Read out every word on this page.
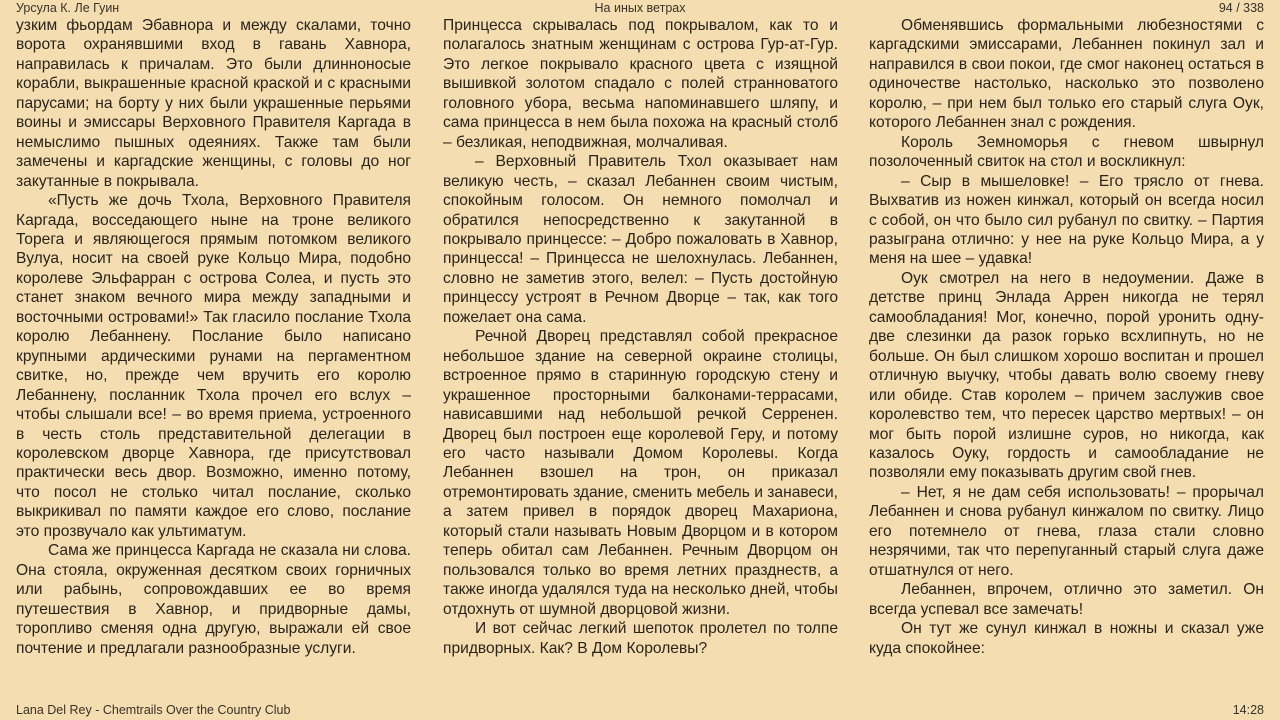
Урсула К. Ле Гуин	На иных ветрах	94 / 338

узким фьордам Эбавнора и между скалами, точно ворота охранявшими вход в гавань Хавнора, направилась к причалам. Это были длинноносые корабли, выкрашенные красной краской и с красными парусами; на борту у них были украшенные перьями воины и эмиссары Верховного Правителя Каргада в немыслимо пышных одеяниях. Также там были замечены и каргадские женщины, с головы до ног закутанные в покрывала.

«Пусть же дочь Тхола, Верховного Правителя Каргада, восседающего ныне на троне великого Торега и являющегося прямым потомком великого Вулуа, носит на своей руке Кольцо Мира, подобно королеве Эльфарран с острова Солеа, и пусть это станет знаком вечного мира между западными и восточными островами!» Так гласило послание Тхола королю Лебаннену. Послание было написано крупными ардическими рунами на пергаментном свитке, но, прежде чем вручить его королю Лебаннену, посланник Тхола прочел его вслух – чтобы слышали все! – во время приема, устроенного в честь столь представительной делегации в королевском дворце Хавнора, где присутствовал практически весь двор. Возможно, именно потому, что посол не столько читал послание, сколько выкрикивал по памяти каждое его слово, послание это прозвучало как ультиматум.

Сама же принцесса Каргада не сказала ни слова. Она стояла, окруженная десятком своих горничных или рабынь, сопровождавших ее во время путешествия в Хавнор, и придворные дамы, торопливо сменяя одна другую, выражали ей свое почтение и предлагали разнообразные услуги.

Принцесса скрывалась под покрывалом, как то и полагалось знатным женщинам с острова Гур-ат-Гур. Это легкое покрывало красного цвета с изящной вышивкой золотом спадало с полей странноватого головного убора, весьма напоминавшего шляпу, и сама принцесса в нем была похожа на красный столб – безликая, неподвижная, молчаливая.

– Верховный Правитель Тхол оказывает нам великую честь, – сказал Лебаннен своим чистым, спокойным голосом. Он немного помолчал и обратился непосредственно к закутанной в покрывало принцессе: – Добро пожаловать в Хавнор, принцесса! – Принцесса не шелохнулась. Лебаннен, словно не заметив этого, велел: – Пусть достойную принцессу устроят в Речном Дворце – так, как того пожелает она сама.

Речной Дворец представлял собой прекрасное небольшое здание на северной окраине столицы, встроенное прямо в старинную городскую стену и украшенное просторными балконами-террасами, нависавшими над небольшой речкой Серренен. Дворец был построен еще королевой Геру, и потому его часто называли Домом Королевы. Когда Лебаннен взошел на трон, он приказал отремонтировать здание, сменить мебель и занавеси, а затем привел в порядок дворец Махариона, который стали называть Новым Дворцом и в котором теперь обитал сам Лебаннен. Речным Дворцом он пользовался только во время летних празднеств, а также иногда удалялся туда на несколько дней, чтобы отдохнуть от шумной дворцовой жизни.

И вот сейчас легкий шепоток пролетел по толпе придворных. Как? В Дом Королевы?

Обменявшись формальными любезностями с каргадскими эмиссарами, Лебаннен покинул зал и направился в свои покои, где смог наконец остаться в одиночестве настолько, насколько это позволено королю, – при нем был только его старый слуга Оук, которого Лебаннен знал с рождения.

Король Земноморья с гневом швырнул позолоченный свиток на стол и воскликнул:

– Сыр в мышеловке! – Его трясло от гнева. Выхватив из ножен кинжал, который он всегда носил с собой, он что было сил рубанул по свитку. – Партия разыграна отлично: у нее на руке Кольцо Мира, а у меня на шее – удавка!

Оук смотрел на него в недоумении. Даже в детстве принц Энлада Аррен никогда не терял самообладания! Мог, конечно, порой уронить одну-две слезинки да разок горько всхлипнуть, но не больше. Он был слишком хорошо воспитан и прошел отличную выучку, чтобы давать волю своему гневу или обиде. Став королем – причем заслужив свое королевство тем, что пересек царство мертвых! – он мог быть порой излишне суров, но никогда, как казалось Оуку, гордость и самообладание не позволяли ему показывать другим свой гнев.

– Нет, я не дам себя использовать! – прорычал Лебаннен и снова рубанул кинжалом по свитку. Лицо его потемнело от гнева, глаза стали словно незрячими, так что перепуганный старый слуга даже отшатнулся от него.

Лебаннен, впрочем, отлично это заметил. Он всегда успевал все замечать!

Он тут же сунул кинжал в ножны и сказал уже куда спокойнее:

Lana Del Rey - Chemtrails Over the Country Club	14:28
